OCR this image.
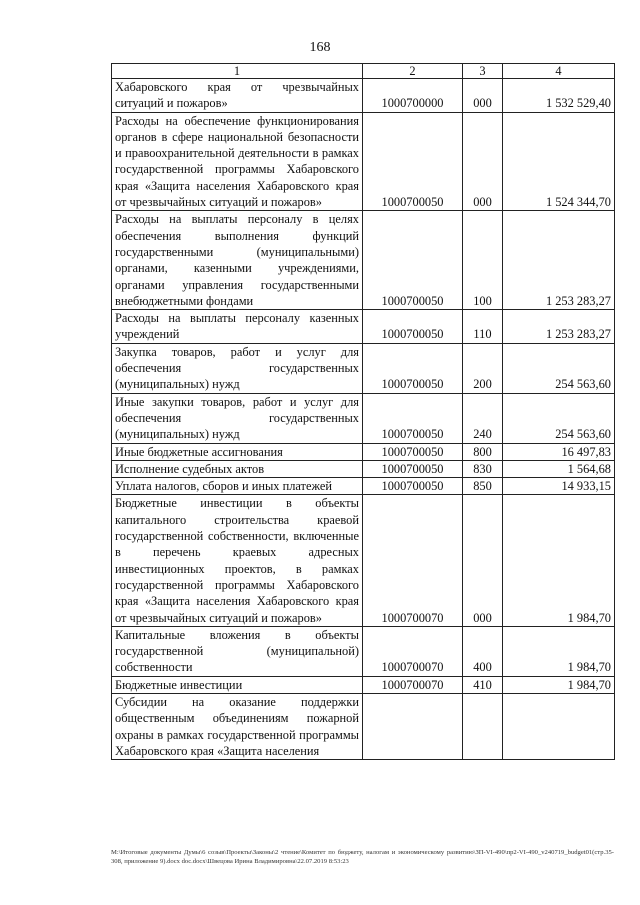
168
1	2	3	4
Хабаровского края от чрезвычайных ситуаций и пожаров»	1000700000	000	1 532 529,40
Расходы на обеспечение функционирования органов в сфере национальной безопасности и правоохранительной деятельности в рамках государственной программы Хабаровского края «Защита населения Хабаровского края от чрезвычайных ситуаций и пожаров»	1000700050	000	1 524 344,70
Расходы на выплаты персоналу в целях обеспечения выполнения функций государственными (муниципальными) органами, казенными учреждениями, органами управления государственными внебюджетными фондами	1000700050	100	1 253 283,27
Расходы на выплаты персоналу казенных учреждений	1000700050	110	1 253 283,27
Закупка товаров, работ и услуг для обеспечения государственных (муниципальных) нужд	1000700050	200	254 563,60
Иные закупки товаров, работ и услуг для обеспечения государственных (муниципальных) нужд	1000700050	240	254 563,60
Иные бюджетные ассигнования	1000700050	800	16 497,83
Исполнение судебных актов	1000700050	830	1 564,68
Уплата налогов, сборов и иных платежей	1000700050	850	14 933,15
Бюджетные инвестиции в объекты капитального строительства краевой государственной собственности, включенные в перечень краевых адресных инвестиционных проектов, в рамках государственной программы Хабаровского края «Защита населения Хабаровского края от чрезвычайных ситуаций и пожаров»	1000700070	000	1 984,70
Капитальные вложения в объекты государственной (муниципальной) собственности	1000700070	400	1 984,70
Бюджетные инвестиции	1000700070	410	1 984,70
Субсидии на оказание поддержки общественным объединениям пожарной охраны в рамках государственной программы Хабаровского края «Защита населения			
M:\Итоговые документы Думы\6 созыв\Проекты\Законы\2 чтение\Комитет по бюджету, налогам и экономическому развитию\ЗП-VI-490\пр2-VI-490_v240719_budget01(стр.35-308, приложение 9).docx doc.docx\Швецова Ирина Владимировна\22.07.2019 8:53:23
